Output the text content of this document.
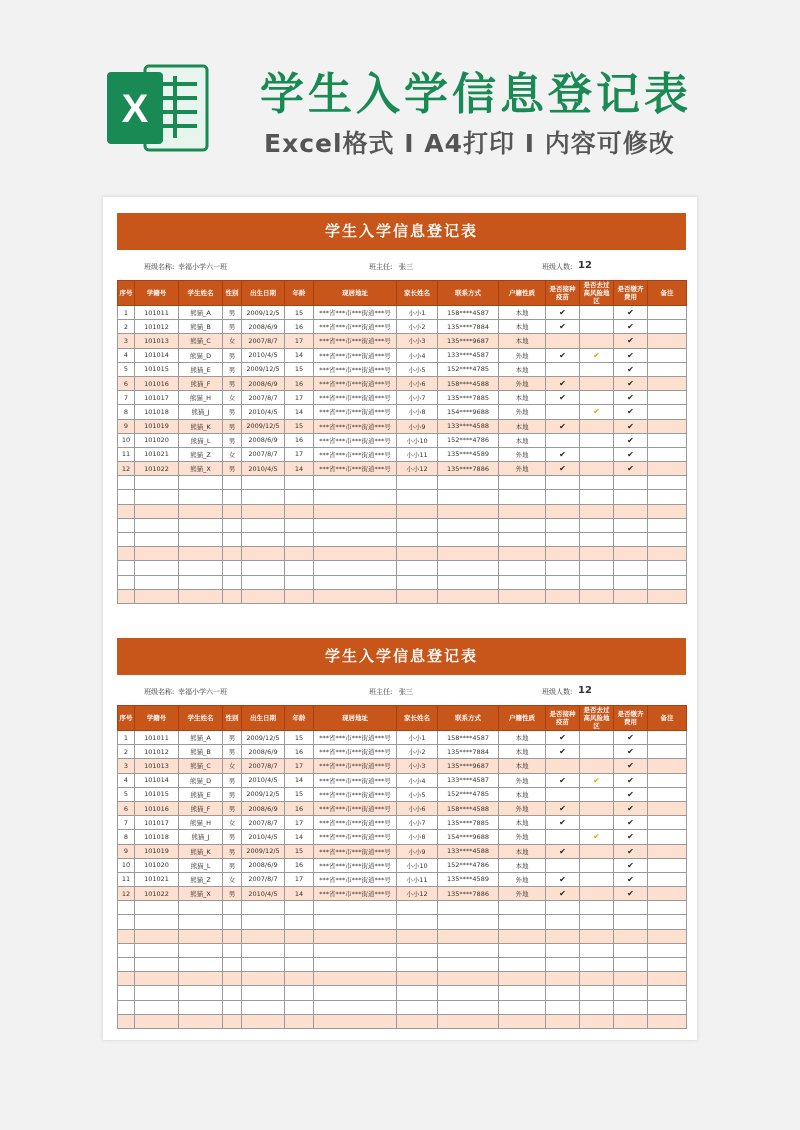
X	学生入学信息登记表
Excel格式 I A4打印 I 内容可修改
学生入学信息登记表
班级名称: 幸福小学六一班	班主任: 张三	班级人数: 12
序号	学籍号	学生姓名	性别	出生日期	年龄	现居地址	家长姓名	联系方式	户籍性质	是否接种疫苗	是否去过高风险地区	是否缴齐费用	备注
1	101011	熊猫_A	男	2009/12/5	15	***省***市***街道***号	小小1	158****4587	本地	✔		✔	
2	101012	熊猫_B	男	2008/6/9	16	***省***市***街道***号	小小2	135****7884	本地	✔		✔	
3	101013	熊猫_C	女	2007/8/7	17	***省***市***街道***号	小小3	135****9687	本地			✔	
4	101014	熊猫_D	男	2010/4/5	14	***省***市***街道***号	小小4	133****4587	外地	✔	✔	✔	
5	101015	熊猫_E	男	2009/12/5	15	***省***市***街道***号	小小5	152****4785	本地			✔	
6	101016	熊猫_F	男	2008/6/9	16	***省***市***街道***号	小小6	158****4588	外地	✔		✔	
7	101017	熊猫_H	女	2007/8/7	17	***省***市***街道***号	小小7	135****7885	本地	✔		✔	
8	101018	熊猫_J	男	2010/4/5	14	***省***市***街道***号	小小8	154****9688	外地		✔	✔	
9	101019	熊猫_K	男	2009/12/5	15	***省***市***街道***号	小小9	133****4588	本地	✔		✔	
10	101020	熊猫_L	男	2008/6/9	16	***省***市***街道***号	小小10	152****4786	本地			✔	
11	101021	熊猫_Z	女	2007/8/7	17	***省***市***街道***号	小小11	135****4589	外地	✔		✔	
12	101022	熊猫_X	男	2010/4/5	14	***省***市***街道***号	小小12	135****7886	外地	✔		✔	

学生入学信息登记表
班级名称: 幸福小学六一班	班主任: 张三	班级人数: 12
序号	学籍号	学生姓名	性别	出生日期	年龄	现居地址	家长姓名	联系方式	户籍性质	是否接种疫苗	是否去过高风险地区	是否缴齐费用	备注
1	101011	熊猫_A	男	2009/12/5	15	***省***市***街道***号	小小1	158****4587	本地	✔		✔	
2	101012	熊猫_B	男	2008/6/9	16	***省***市***街道***号	小小2	135****7884	本地	✔		✔	
3	101013	熊猫_C	女	2007/8/7	17	***省***市***街道***号	小小3	135****9687	本地			✔	
4	101014	熊猫_D	男	2010/4/5	14	***省***市***街道***号	小小4	133****4587	外地	✔	✔	✔	
5	101015	熊猫_E	男	2009/12/5	15	***省***市***街道***号	小小5	152****4785	本地			✔	
6	101016	熊猫_F	男	2008/6/9	16	***省***市***街道***号	小小6	158****4588	外地	✔		✔	
7	101017	熊猫_H	女	2007/8/7	17	***省***市***街道***号	小小7	135****7885	本地	✔		✔	
8	101018	熊猫_J	男	2010/4/5	14	***省***市***街道***号	小小8	154****9688	外地		✔	✔	
9	101019	熊猫_K	男	2009/12/5	15	***省***市***街道***号	小小9	133****4588	本地	✔		✔	
10	101020	熊猫_L	男	2008/6/9	16	***省***市***街道***号	小小10	152****4786	本地			✔	
11	101021	熊猫_Z	女	2007/8/7	17	***省***市***街道***号	小小11	135****4589	外地	✔		✔	
12	101022	熊猫_X	男	2010/4/5	14	***省***市***街道***号	小小12	135****7886	外地	✔		✔	
